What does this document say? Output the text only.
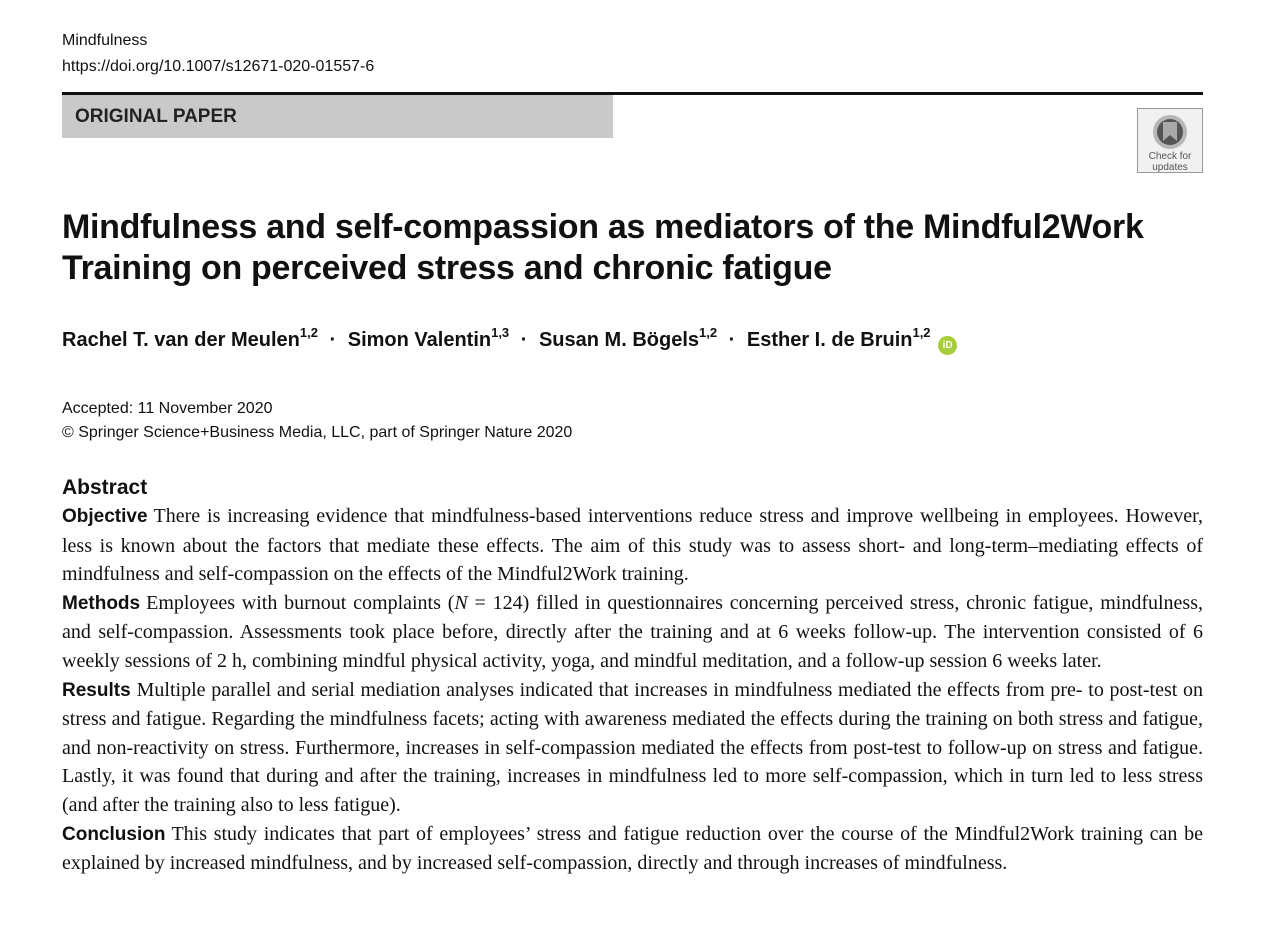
Mindfulness
https://doi.org/10.1007/s12671-020-01557-6
ORIGINAL PAPER
Check for
updates
Mindfulness and self-compassion as mediators of the Mindful2Work Training on perceived stress and chronic fatigue
Rachel T. van der Meulen$^{1,2}$ · Simon Valentin$^{1,3}$ · Susan M. Bögels$^{1,2}$ · Esther I. de Bruin$^{1,2}$ iD
Accepted: 11 November 2020
© Springer Science+Business Media, LLC, part of Springer Nature 2020
Abstract

Objective There is increasing evidence that mindfulness-based interventions reduce stress and improve wellbeing in employees. However, less is known about the factors that mediate these effects. The aim of this study was to assess short- and long-term–mediating effects of mindfulness and self-compassion on the effects of the Mindful2Work training.

Methods Employees with burnout complaints (N = 124) filled in questionnaires concerning perceived stress, chronic fatigue, mindfulness, and self-compassion. Assessments took place before, directly after the training and at 6 weeks follow-up. The intervention consisted of 6 weekly sessions of 2 h, combining mindful physical activity, yoga, and mindful meditation, and a follow-up session 6 weeks later.

Results Multiple parallel and serial mediation analyses indicated that increases in mindfulness mediated the effects from pre- to post-test on stress and fatigue. Regarding the mindfulness facets; acting with awareness mediated the effects during the training on both stress and fatigue, and non-reactivity on stress. Furthermore, increases in self-compassion mediated the effects from post-test to follow-up on stress and fatigue. Lastly, it was found that during and after the training, increases in mindfulness led to more self-compassion, which in turn led to less stress (and after the training also to less fatigue).

Conclusion This study indicates that part of employees’ stress and fatigue reduction over the course of the Mindful2Work training can be explained by increased mindfulness, and by increased self-compassion, directly and through increases of mindfulness.
